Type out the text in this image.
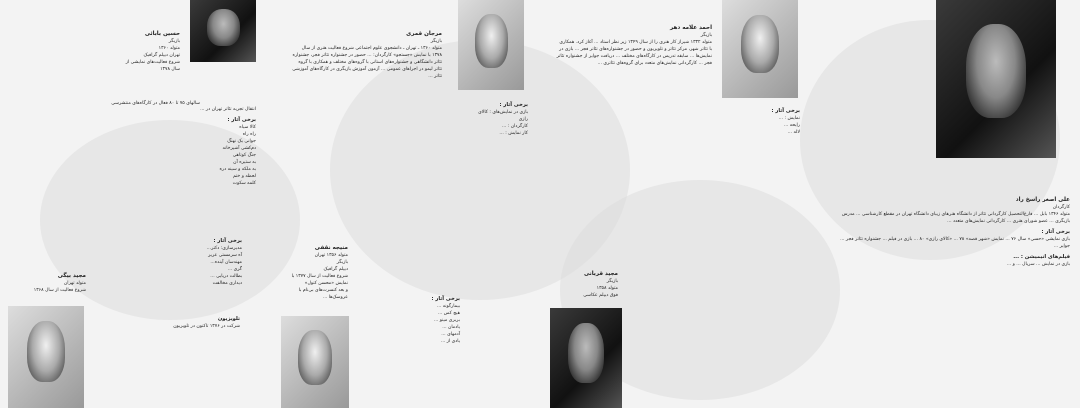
حسین بابائی
بازیگر
متولد ۱۳۶۰
تهران دیپلم گرافیک
شروع فعالیت‌های نمایشی از
سال ۱۳۷۸
سالهای ۷۵ تا ۸۰ فعال در کارگاه‌های منتشرسی
انتقال تجربه تئاتر تهران در ...
برخی آثار :
کالا سیاه
راه راه
جوانی یک نهنگ
دم‌کشی آشپزخانه
جنگ کوتاهی
به ستیزه آن
به ملکه و سینه دره
لحظه و ختم
کلمه سکوت
مرجان قمری
بازیگر

متولد ۱۳۶۰ ـ تهران ـ دانشجوی علوم اجتماعی شروع فعالیت هنری از سال ۱۳۷۸ با نمایش «جستجو» کارگردان: ... حضور در جشنواره تئاتر فجر، جشنواره تئاتر دانشگاهی و جشنواره‌های استانی با گروه‌های مختلف و همکاری با گروه تئاتر لیمو در اجراهای عمومی ... آزمون آموزش بازیگری در کارگاه‌های آموزشی تئاتر ...

برخی آثار :
بازی در نمایش‌های : کالای
رازی
کارگردان : ...
کار نمایش : ...
احمد علامه دهر
بازیگر

متولد ۱۳۳۲ شیراز کار هنری را از سال ۱۳۴۹ زیر نظر استاد ... آغاز کرد. همکاری با تئاتر شهر، مرکز تئاتر و تلویزیون و حضور در جشنواره‌های تئاتر فجر ... بازی در نمایش‌ها ... سابقه تدریس در کارگاه‌های مختلف ... دریافت جوایز از جشنواره تئاتر فجر ... کارگردانی نمایش‌های متعدد برای گروه‌های تئاتری ...

برخی آثار :
نمایش : ...
رایحه ...
لاله ...
علی اصغر راسخ راد
کارگردان

متولد ۱۳۴۶ بابل ... فارغ‌التحصیل کارگردانی تئاتر از دانشگاه هنرهای زیبای دانشگاه تهران در مقطع کارشناسی ... مدرس بازیگری ... عضو شورای هنری ... کارگردانی نمایش‌های متعدد ...

برخی آثار :

بازی نمایشی «حسی» سال ۷۶ ... نمایش «شهر قصه» ۷۸ ... «کالای رازی» ۸۰ ... بازی در فیلم ... جشنواره تئاتر فجر ... جوایز ...

فیلم‌های انیمیشن : ...

بازی در نمایش ... سریال ... و ...

برخی آثار :
مدیرسازی: دکتر...
آه سرمستی عزیز
مهندسان آینده...
گری ...
بطالت دریایی ...
دیداری مخالفت
مجید بیگی
متولد تهران
شروع فعالیت از سال ۱۳۶۸
تلویزیون
شرکت در ۱۳۷۶ تا‌کنون در تلویزیون
منیجه نقفی
متولد ۱۳۵۶ تهران
بازیگر
دیپلم گرافیک
شروع فعالیت از سال ۱۳۷۷ با
نمایش «محسن کنول»
و بعد کنسرت‌های بی‌نام با
عروسک‌ها ...	برخی آثار :
بیمارگونه ...
هیچ کس ...
بربری مینو ...
یادمان ...
آدمهای ...
یادی از ...
مجید قربانی
بازیگر
متولد ۱۳۵۸
فوق دیپلم عکاسی
